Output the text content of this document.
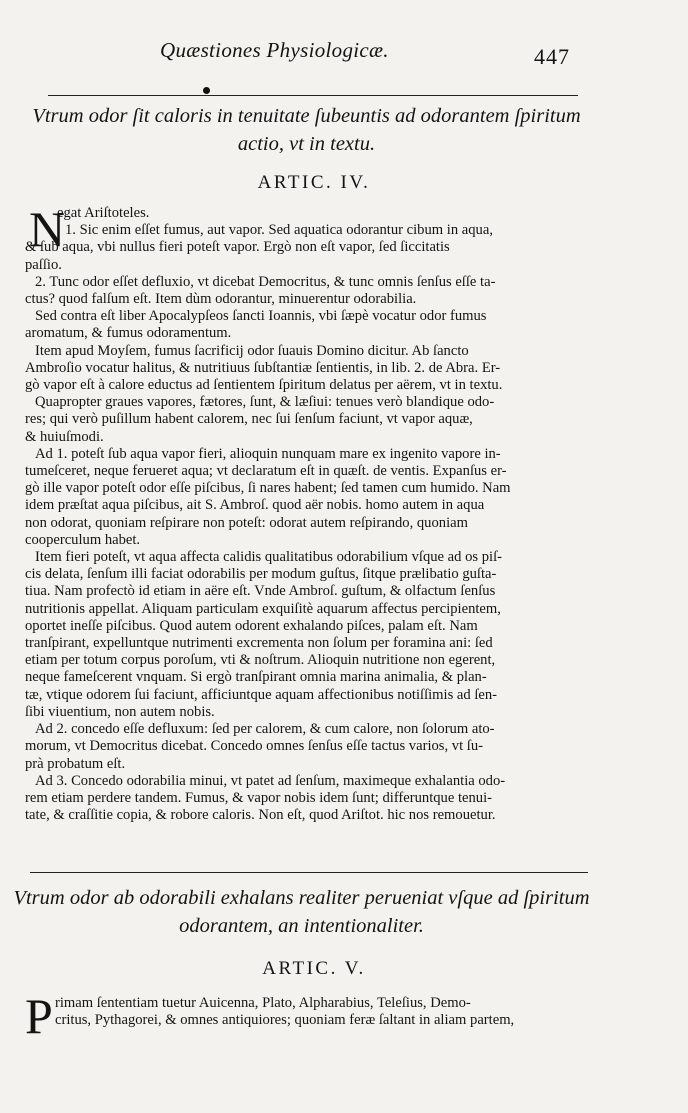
Quæstiones Physiologicæ.	447
Vtrum odor ſit caloris in tenuitate ſubeuntis ad odorantem ſpiritum actio, vt in textu.
ARTIC. IV.
N
egat Ariſtoteles.
1. Sic enim eſſet fumus, aut vapor. Sed aquatica odorantur cibum in aqua,
& ſub aqua, vbi nullus fieri poteſt vapor. Ergò non eſt vapor, ſed ſiccitatis
paſſio.
2. Tunc odor eſſet defluxio, vt dicebat Democritus, & tunc omnis ſenſus eſſe ta-
ctus? quod falſum eſt. Item dùm odorantur, minuerentur odorabilia.
Sed contra eſt liber Apocalypſeos ſancti Ioannis, vbi ſæpè vocatur odor fumus
aromatum, & fumus odoramentum.
Item apud Moyſem, fumus ſacrificij odor ſuauis Domino dicitur. Ab ſancto
Ambroſio vocatur halitus, & nutritiuus ſubſtantiæ ſentientis, in lib. 2. de Abra. Er-
gò vapor eſt à calore eductus ad ſentientem ſpiritum delatus per aërem, vt in textu.
Quapropter graues vapores, fætores, ſunt, & læſiui: tenues verò blandique odo-
res; qui verò puſillum habent calorem, nec ſui ſenſum faciunt, vt vapor aquæ,
& huiuſmodi.
Ad 1. poteſt ſub aqua vapor fieri, alioquin nunquam mare ex ingenito vapore in-
tumeſceret, neque ferueret aqua; vt declaratum eſt in quæſt. de ventis. Expanſus er-
gò ille vapor poteſt odor eſſe piſcibus, ſi nares habent; ſed tamen cum humido. Nam
idem præſtat aqua piſcibus, ait S. Ambroſ. quod aër nobis. homo autem in aqua
non odorat, quoniam reſpirare non poteſt: odorat autem reſpirando, quoniam
cooperculum habet.
Item fieri poteſt, vt aqua affecta calidis qualitatibus odorabilium vſque ad os piſ-
cis delata, ſenſum illi faciat odorabilis per modum guſtus, ſitque prælibatio guſta-
tiua. Nam profectò id etiam in aëre eſt. Vnde Ambroſ. guſtum, & olfactum ſenſus
nutritionis appellat. Aliquam particulam exquiſitè aquarum affectus percipientem,
oportet ineſſe piſcibus. Quod autem odorent exhalando piſces, palam eſt. Nam
tranſpirant, expelluntque nutrimenti excrementa non ſolum per foramina ani: ſed
etiam per totum corpus poroſum, vti & noſtrum. Alioquin nutritione non egerent,
neque fameſcerent vnquam. Si ergò tranſpirant omnia marina animalia, & plan-
tæ, vtique odorem ſui faciunt, afficiuntque aquam affectionibus notiſſimis ad ſen-
ſibi viuentium, non autem nobis.
Ad 2. concedo eſſe defluxum: ſed per calorem, & cum calore, non ſolorum ato-
morum, vt Democritus dicebat. Concedo omnes ſenſus eſſe tactus varios, vt ſu-
prà probatum eſt.
Ad 3. Concedo odorabilia minui, vt patet ad ſenſum, maximeque exhalantia odo-
rem etiam perdere tandem. Fumus, & vapor nobis idem ſunt; differuntque tenui-
tate, & craſſitie copia, & robore caloris. Non eſt, quod Ariſtot. hic nos remouetur.
Vtrum odor ab odorabili exhalans realiter perueniat vſque ad ſpiritum odorantem, an intentionaliter.
ARTIC. V.
P rimam ſententiam tuetur Auicenna, Plato, Alpharabius, Teleſius, Demo-
critus, Pythagorei, & omnes antiquiores; quoniam feræ ſaltant in aliam partem,
